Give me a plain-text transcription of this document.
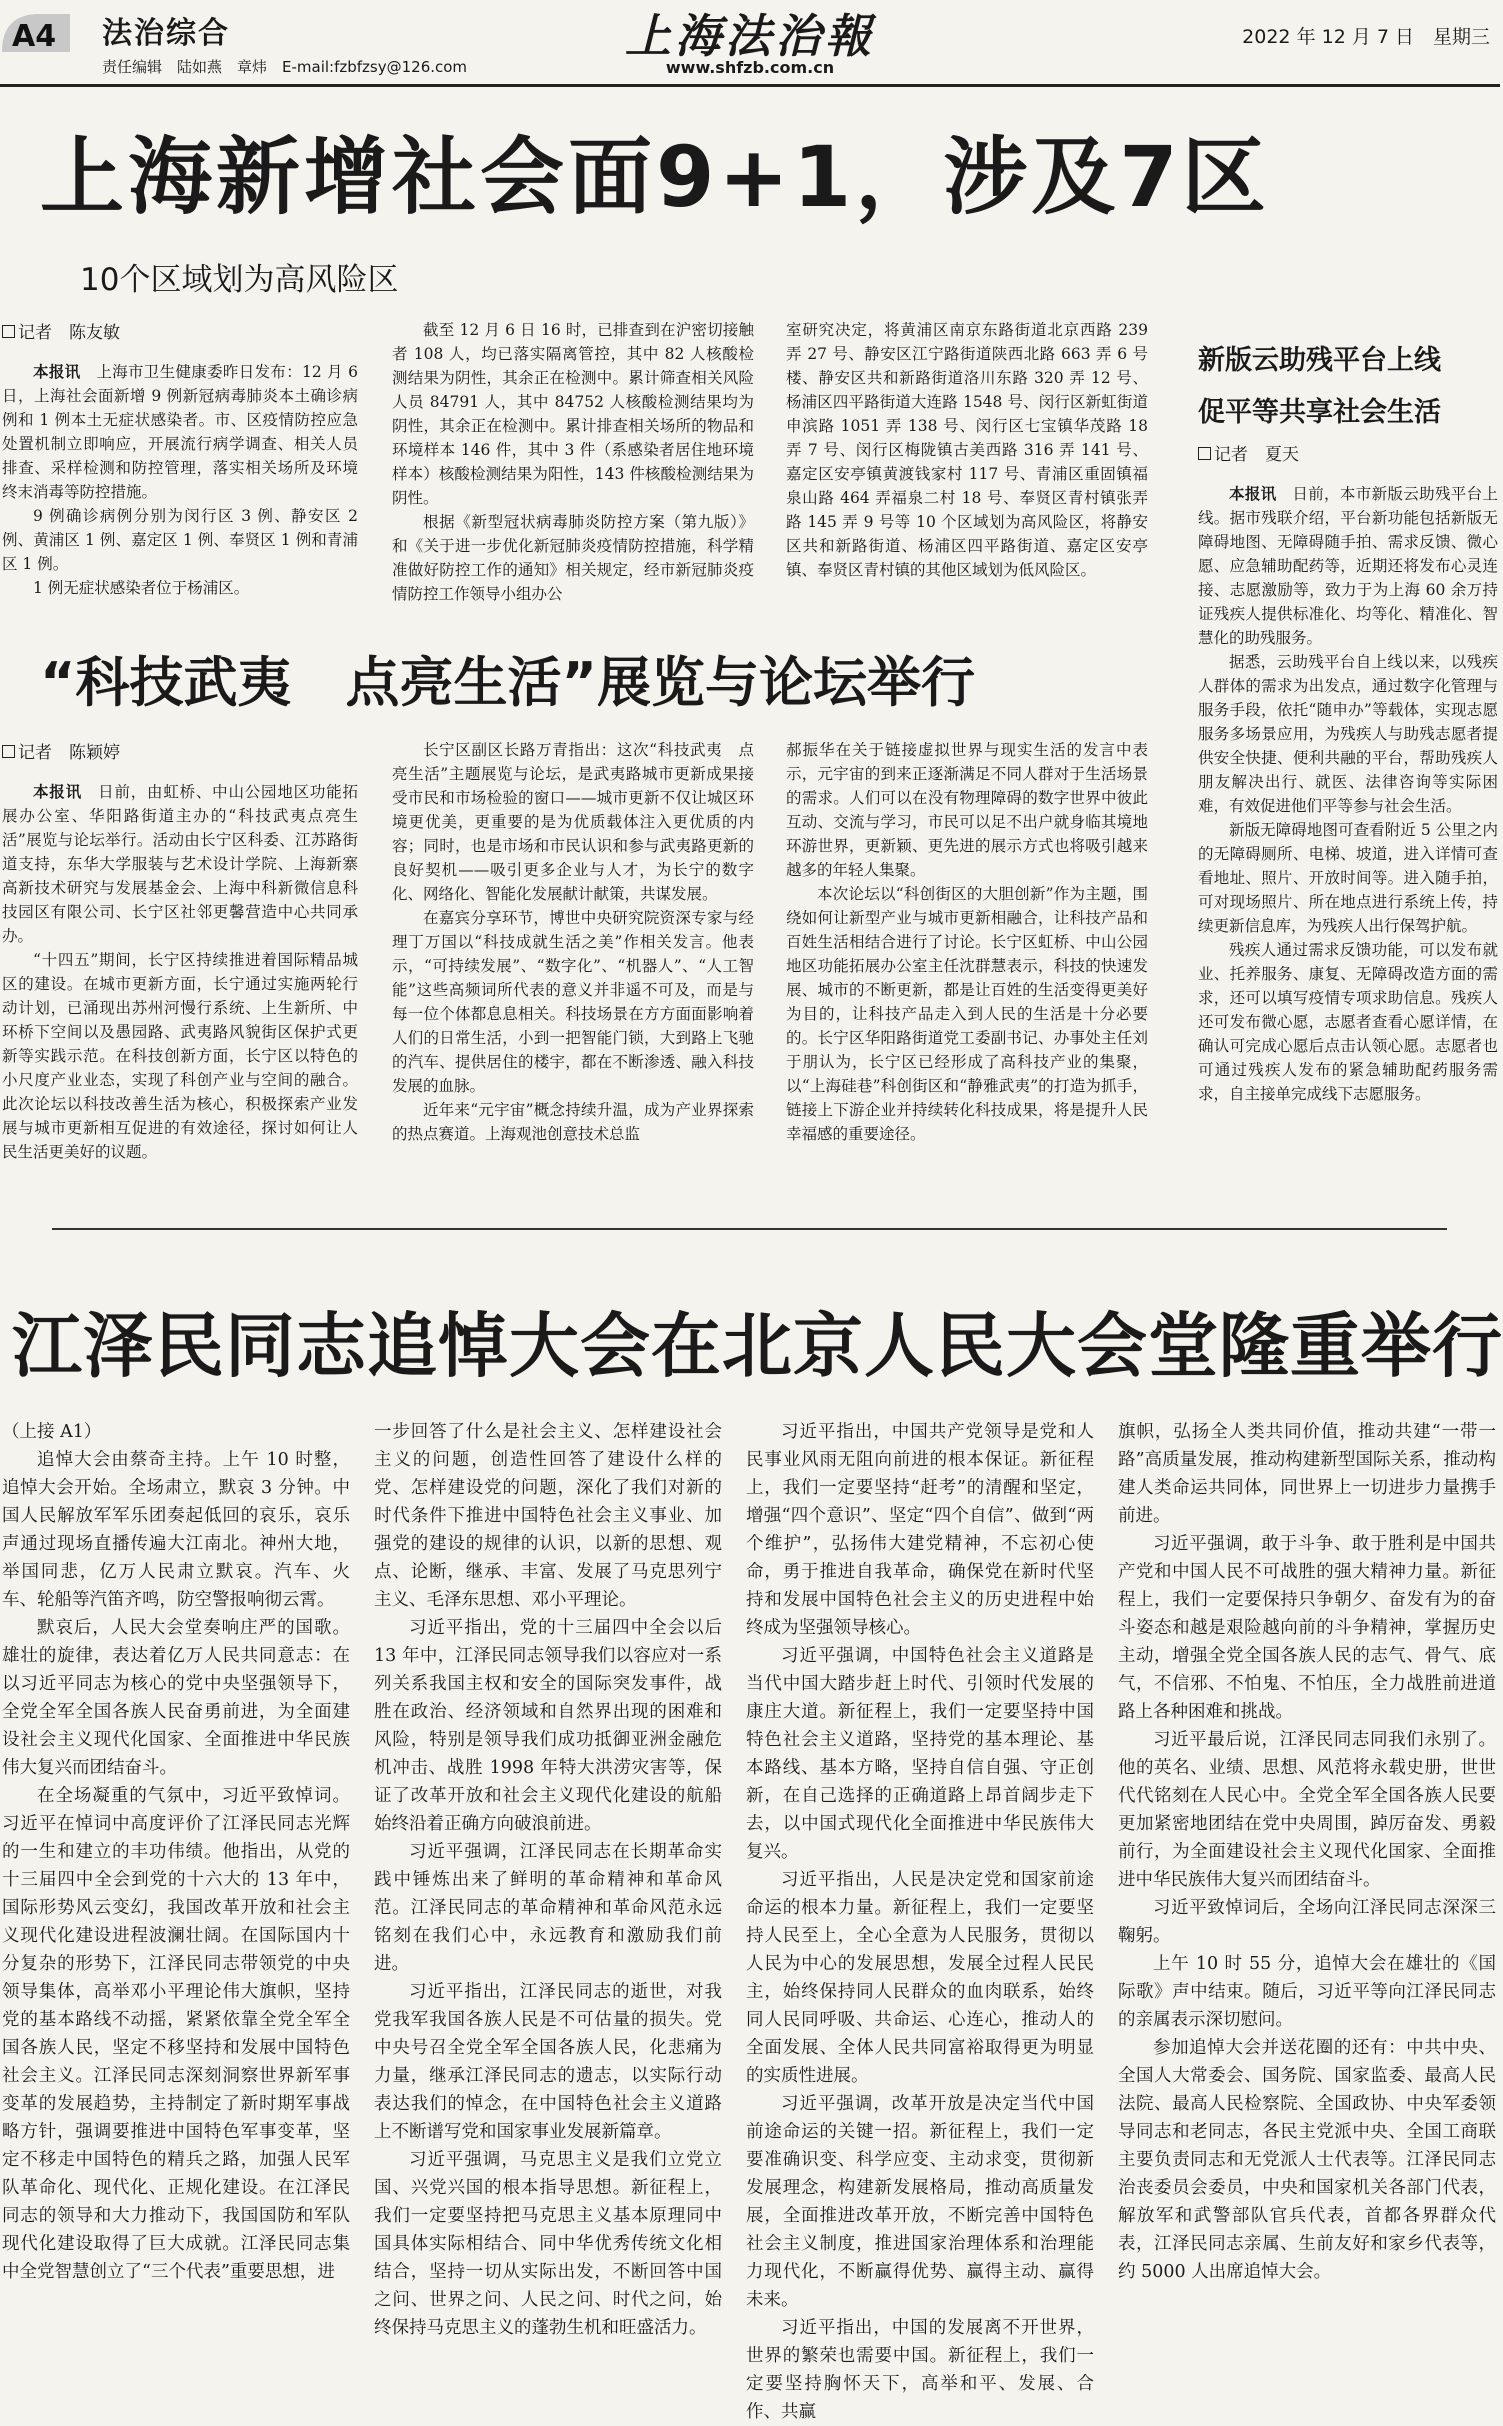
A4 法治综合
责任编辑　陆如燕　章炜　E-mail:fzbfzsy@126.com
上海法治報
www.shfzb.com.cn
2022 年 12 月 7 日　星期三
上海新增社会面9+1，涉及7区
10个区域划为高风险区
记者　陈友敏

本报讯　 上海市卫生健康委昨日发布：12 月 6 日，上海社会面新增 9 例新冠病毒肺炎本土确诊病例和 1 例本土无症状感染者。市、区疫情防控应急处置机制立即响应，开展流行病学调查、相关人员排查、采样检测和防控管理，落实相关场所及环境终末消毒等防控措施。

9 例确诊病例分别为闵行区 3 例、静安区 2 例、黄浦区 1 例、嘉定区 1 例、奉贤区 1 例和青浦区 1 例。

1 例无症状感染者位于杨浦区。

截至 12 月 6 日 16 时，已排查到在沪密切接触者 108 人，均已落实隔离管控，其中 82 人核酸检测结果为阴性，其余正在检测中。累计筛查相关风险人员 84791 人，其中 84752 人核酸检测结果均为阴性，其余正在检测中。累计排查相关场所的物品和环境样本 146 件，其中 3 件（系感染者居住地环境样本）核酸检测结果为阳性，143 件核酸检测结果为阴性。

根据《新型冠状病毒肺炎防控方案（第九版）》和《关于进一步优化新冠肺炎疫情防控措施，科学精准做好防控工作的通知》相关规定，经市新冠肺炎疫情防控工作领导小组办公

室研究决定，将黄浦区南京东路街道北京西路 239 弄 27 号、静安区江宁路街道陕西北路 663 弄 6 号楼、静安区共和新路街道洛川东路 320 弄 12 号、杨浦区四平路街道大连路 1548 号、闵行区新虹街道申滨路 1051 弄 138 号、闵行区七宝镇华茂路 18 弄 7 号、闵行区梅陇镇古美西路 316 弄 141 号、嘉定区安亭镇黄渡钱家村 117 号、青浦区重固镇福泉山路 464 弄福泉二村 18 号、奉贤区青村镇张弄路 145 弄 9 号等 10 个区域划为高风险区，将静安区共和新路街道、杨浦区四平路街道、嘉定区安亭镇、奉贤区青村镇的其他区域划为低风险区。

“科技武夷　点亮生活”展览与论坛举行
记者　陈颖婷

本报讯　 日前，由虹桥、中山公园地区功能拓展办公室、华阳路街道主办的“科技武夷点亮生活”展览与论坛举行。活动由长宁区科委、江苏路街道支持，东华大学服装与艺术设计学院、上海新寨高新技术研究与发展基金会、上海中科新微信息科技园区有限公司、长宁区社邻更馨营造中心共同承办。

“十四五”期间，长宁区持续推进着国际精品城区的建设。在城市更新方面，长宁通过实施两轮行动计划，已涌现出苏州河慢行系统、上生新所、中环桥下空间以及愚园路、武夷路风貌街区保护式更新等实践示范。在科技创新方面，长宁区以特色的小尺度产业业态，实现了科创产业与空间的融合。此次论坛以科技改善生活为核心，积极探索产业发展与城市更新相互促进的有效途径，探讨如何让人民生活更美好的议题。

长宁区副区长路万青指出：这次“科技武夷　点亮生活”主题展览与论坛，是武夷路城市更新成果接受市民和市场检验的窗口——城市更新不仅让城区环境更优美，更重要的是为优质载体注入更优质的内容；同时，也是市场和市民认识和参与武夷路更新的良好契机——吸引更多企业与人才，为长宁的数字化、网络化、智能化发展献计献策，共谋发展。

在嘉宾分享环节，博世中央研究院资深专家与经理丁万国以“科技成就生活之美”作相关发言。他表示，“可持续发展”、“数字化”、“机器人”、“人工智能”这些高频词所代表的意义并非遥不可及，而是与每一位个体都息息相关。科技场景在方方面面影响着人们的日常生活，小到一把智能门锁，大到路上飞驰的汽车、提供居住的楼宇，都在不断渗透、融入科技发展的血脉。

近年来“元宇宙”概念持续升温，成为产业界探索的热点赛道。上海观池创意技术总监

郝振华在关于链接虚拟世界与现实生活的发言中表示，元宇宙的到来正逐渐满足不同人群对于生活场景的需求。人们可以在没有物理障碍的数字世界中彼此互动、交流与学习，市民可以足不出户就身临其境地环游世界，更新颖、更先进的展示方式也将吸引越来越多的年轻人集聚。

本次论坛以“科创街区的大胆创新”作为主题，围绕如何让新型产业与城市更新相融合，让科技产品和百姓生活相结合进行了讨论。长宁区虹桥、中山公园地区功能拓展办公室主任沈群慧表示，科技的快速发展、城市的不断更新，都是让百姓的生活变得更美好为目的，让科技产品走入到人民的生活是十分必要的。长宁区华阳路街道党工委副书记、办事处主任刘于朋认为，长宁区已经形成了高科技产业的集聚，以“上海硅巷”科创街区和“静雅武夷”的打造为抓手，链接上下游企业并持续转化科技成果，将是提升人民幸福感的重要途径。

新版云助残平台上线
促平等共享社会生活
记者　夏天

本报讯　 日前，本市新版云助残平台上线。据市残联介绍，平台新功能包括新版无障碍地图、无障碍随手拍、需求反馈、微心愿、应急辅助配药等，近期还将发布心灵连接、志愿激励等，致力于为上海 60 余万持证残疾人提供标准化、均等化、精准化、智慧化的助残服务。

据悉，云助残平台自上线以来，以残疾人群体的需求为出发点，通过数字化管理与服务手段，依托“随申办”等载体，实现志愿服务多场景应用，为残疾人与助残志愿者提供安全快捷、便利共融的平台，帮助残疾人朋友解决出行、就医、法律咨询等实际困难，有效促进他们平等参与社会生活。

新版无障碍地图可查看附近 5 公里之内的无障碍厕所、电梯、坡道，进入详情可查看地址、照片、开放时间等。进入随手拍，可对现场照片、所在地点进行系统上传，持续更新信息库，为残疾人出行保驾护航。

残疾人通过需求反馈功能，可以发布就业、托养服务、康复、无障碍改造方面的需求，还可以填写疫情专项求助信息。残疾人还可发布微心愿，志愿者查看心愿详情，在确认可完成心愿后点击认领心愿。志愿者也可通过残疾人发布的紧急辅助配药服务需求，自主接单完成线下志愿服务。

江泽民同志追悼大会在北京人民大会堂隆重举行

（上接 A1）

追悼大会由蔡奇主持。上午 10 时整，追悼大会开始。全场肃立，默哀 3 分钟。中国人民解放军军乐团奏起低回的哀乐，哀乐声通过现场直播传遍大江南北。神州大地，举国同悲，亿万人民肃立默哀。汽车、火车、轮船等汽笛齐鸣，防空警报响彻云霄。

默哀后，人民大会堂奏响庄严的国歌。雄壮的旋律，表达着亿万人民共同意志：在以习近平同志为核心的党中央坚强领导下，全党全军全国各族人民奋勇前进，为全面建设社会主义现代化国家、全面推进中华民族伟大复兴而团结奋斗。

在全场凝重的气氛中，习近平致悼词。习近平在悼词中高度评价了江泽民同志光辉的一生和建立的丰功伟绩。他指出，从党的十三届四中全会到党的十六大的 13 年中，国际形势风云变幻，我国改革开放和社会主义现代化建设进程波澜壮阔。在国际国内十分复杂的形势下，江泽民同志带领党的中央领导集体，高举邓小平理论伟大旗帜，坚持党的基本路线不动摇，紧紧依靠全党全军全国各族人民，坚定不移坚持和发展中国特色社会主义。江泽民同志深刻洞察世界新军事变革的发展趋势，主持制定了新时期军事战略方针，强调要推进中国特色军事变革，坚定不移走中国特色的精兵之路，加强人民军队革命化、现代化、正规化建设。在江泽民同志的领导和大力推动下，我国国防和军队现代化建设取得了巨大成就。江泽民同志集中全党智慧创立了“三个代表”重要思想，进

一步回答了什么是社会主义、怎样建设社会主义的问题，创造性回答了建设什么样的党、怎样建设党的问题，深化了我们对新的时代条件下推进中国特色社会主义事业、加强党的建设的规律的认识，以新的思想、观点、论断，继承、丰富、发展了马克思列宁主义、毛泽东思想、邓小平理论。

习近平指出，党的十三届四中全会以后 13 年中，江泽民同志领导我们以容应对一系列关系我国主权和安全的国际突发事件，战胜在政治、经济领域和自然界出现的困难和风险，特别是领导我们成功抵御亚洲金融危机冲击、战胜 1998 年特大洪涝灾害等，保证了改革开放和社会主义现代化建设的航船始终沿着正确方向破浪前进。

习近平强调，江泽民同志在长期革命实践中锤炼出来了鲜明的革命精神和革命风范。江泽民同志的革命精神和革命风范永远铭刻在我们心中，永远教育和激励我们前进。

习近平指出，江泽民同志的逝世，对我党我军我国各族人民是不可估量的损失。党中央号召全党全军全国各族人民，化悲痛为力量，继承江泽民同志的遗志，以实际行动表达我们的悼念，在中国特色社会主义道路上不断谱写党和国家事业发展新篇章。

习近平强调，马克思主义是我们立党立国、兴党兴国的根本指导思想。新征程上，我们一定要坚持把马克思主义基本原理同中国具体实际相结合、同中华优秀传统文化相结合，坚持一切从实际出发，不断回答中国之问、世界之问、人民之问、时代之问，始终保持马克思主义的蓬勃生机和旺盛活力。

习近平指出，中国共产党领导是党和人民事业风雨无阻向前进的根本保证。新征程上，我们一定要坚持“赶考”的清醒和坚定，增强“四个意识”、坚定“四个自信”、做到“两个维护”，弘扬伟大建党精神，不忘初心使命，勇于推进自我革命，确保党在新时代坚持和发展中国特色社会主义的历史进程中始终成为坚强领导核心。

习近平强调，中国特色社会主义道路是当代中国大踏步赶上时代、引领时代发展的康庄大道。新征程上，我们一定要坚持中国特色社会主义道路，坚持党的基本理论、基本路线、基本方略，坚持自信自强、守正创新，在自己选择的正确道路上昂首阔步走下去，以中国式现代化全面推进中华民族伟大复兴。

习近平指出，人民是决定党和国家前途命运的根本力量。新征程上，我们一定要坚持人民至上，全心全意为人民服务，贯彻以人民为中心的发展思想，发展全过程人民民主，始终保持同人民群众的血肉联系，始终同人民同呼吸、共命运、心连心，推动人的全面发展、全体人民共同富裕取得更为明显的实质性进展。

习近平强调，改革开放是决定当代中国前途命运的关键一招。新征程上，我们一定要准确识变、科学应变、主动求变，贯彻新发展理念，构建新发展格局，推动高质量发展，全面推进改革开放，不断完善中国特色社会主义制度，推进国家治理体系和治理能力现代化，不断赢得优势、赢得主动、赢得未来。

习近平指出，中国的发展离不开世界，世界的繁荣也需要中国。新征程上，我们一定要坚持胸怀天下，高举和平、发展、合作、共赢

旗帜，弘扬全人类共同价值，推动共建“一带一路”高质量发展，推动构建新型国际关系，推动构建人类命运共同体，同世界上一切进步力量携手前进。

习近平强调，敢于斗争、敢于胜利是中国共产党和中国人民不可战胜的强大精神力量。新征程上，我们一定要保持只争朝夕、奋发有为的奋斗姿态和越是艰险越向前的斗争精神，掌握历史主动，增强全党全国各族人民的志气、骨气、底气，不信邪、不怕鬼、不怕压，全力战胜前进道路上各种困难和挑战。

习近平最后说，江泽民同志同我们永别了。他的英名、业绩、思想、风范将永载史册，世世代代铭刻在人民心中。全党全军全国各族人民要更加紧密地团结在党中央周围，踔厉奋发、勇毅前行，为全面建设社会主义现代化国家、全面推进中华民族伟大复兴而团结奋斗。

习近平致悼词后，全场向江泽民同志深深三鞠躬。

上午 10 时 55 分，追悼大会在雄壮的《国际歌》声中结束。随后，习近平等向江泽民同志的亲属表示深切慰问。

参加追悼大会并送花圈的还有：中共中央、全国人大常委会、国务院、国家监委、最高人民法院、最高人民检察院、全国政协、中央军委领导同志和老同志，各民主党派中央、全国工商联主要负责同志和无党派人士代表等。江泽民同志治丧委员会委员，中央和国家机关各部门代表，解放军和武警部队官兵代表，首都各界群众代表，江泽民同志亲属、生前友好和家乡代表等，约 5000 人出席追悼大会。
